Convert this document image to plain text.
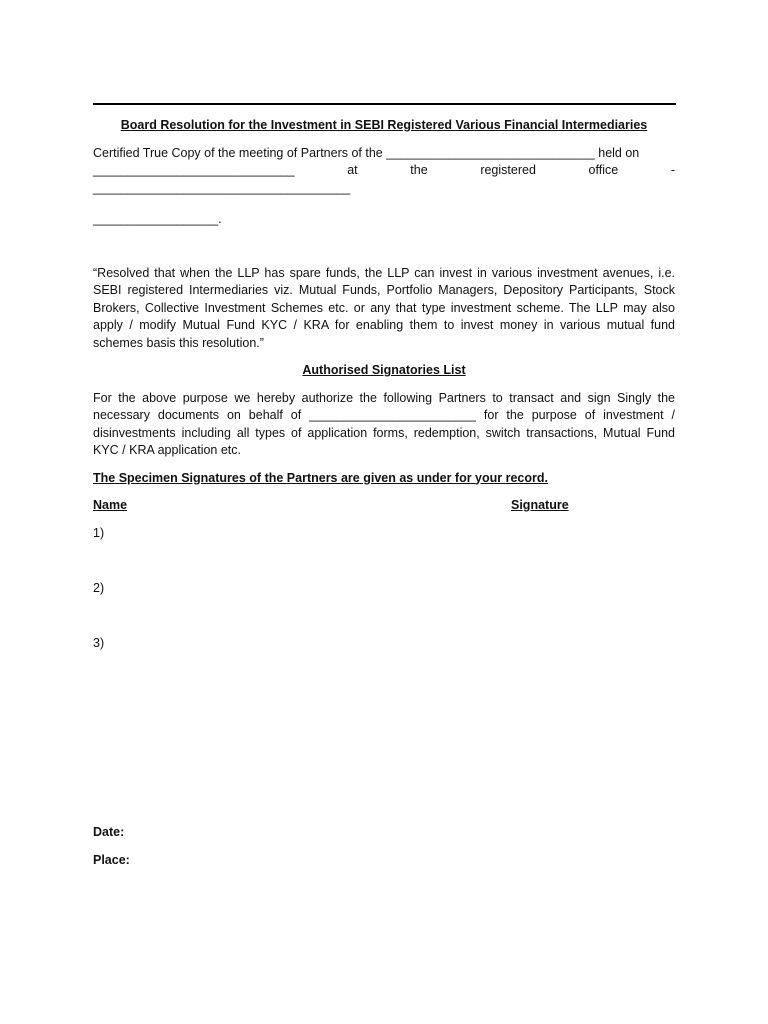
Board Resolution for the Investment in SEBI Registered Various Financial Intermediaries
Certified True Copy of the meeting of Partners of the ______________________________ held on
_____________________________	at	the	registered	office	-
_____________________________________
__________________.

“Resolved that when the LLP has spare funds, the LLP can invest in various investment avenues, i.e. SEBI registered Intermediaries viz. Mutual Funds, Portfolio Managers, Depository Participants, Stock Brokers, Collective Investment Schemes etc. or any that type investment scheme. The LLP may also apply / modify Mutual Fund KYC / KRA for enabling them to invest money in various mutual fund schemes basis this resolution.”

Authorised Signatories List

For the above purpose we hereby authorize the following Partners to transact and sign Singly the necessary documents on behalf of ________________________ for the purpose of investment / disinvestments including all types of application forms, redemption, switch transactions, Mutual Fund KYC / KRA application etc.

The Specimen Signatures of the Partners are given as under for your record.
Name	Signature
1)
2)
3)
Date:
Place:
